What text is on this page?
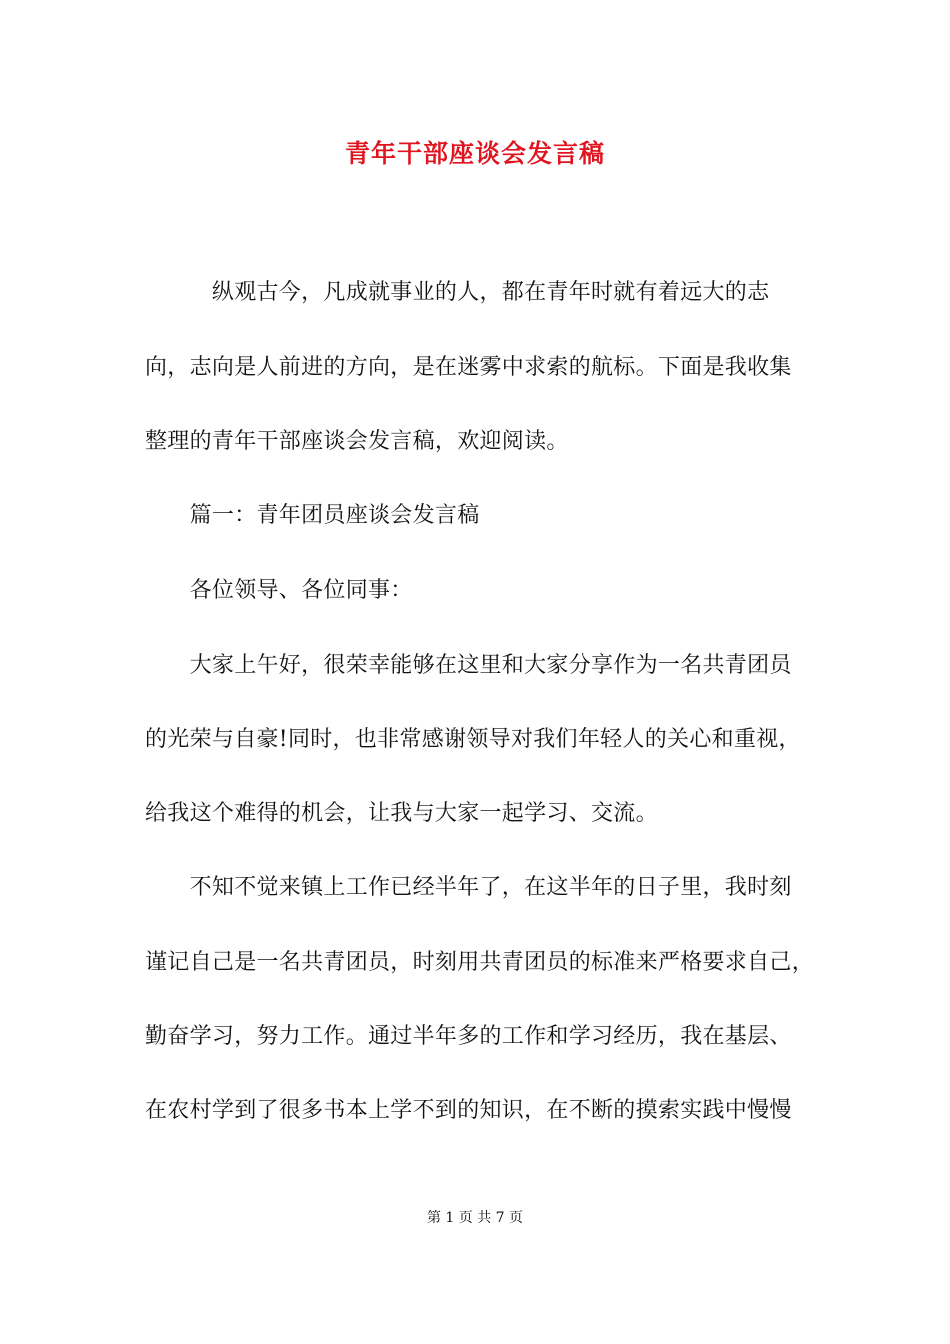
青年干部座谈会发言稿
　　　纵观古今，凡成就事业的人，都在青年时就有着远大的志
向，志向是人前进的方向，是在迷雾中求索的航标。下面是我收集
整理的青年干部座谈会发言稿，欢迎阅读。
　　篇一：青年团员座谈会发言稿
　　各位领导、各位同事：
　　大家上午好，很荣幸能够在这里和大家分享作为一名共青团员
的光荣与自豪!同时，也非常感谢领导对我们年轻人的关心和重视，
给我这个难得的机会，让我与大家一起学习、交流。
　　不知不觉来镇上工作已经半年了，在这半年的日子里，我时刻
谨记自己是一名共青团员，时刻用共青团员的标准来严格要求自己，
勤奋学习，努力工作。通过半年多的工作和学习经历，我在基层、
在农村学到了很多书本上学不到的知识，在不断的摸索实践中慢慢
第 1 页 共 7 页
